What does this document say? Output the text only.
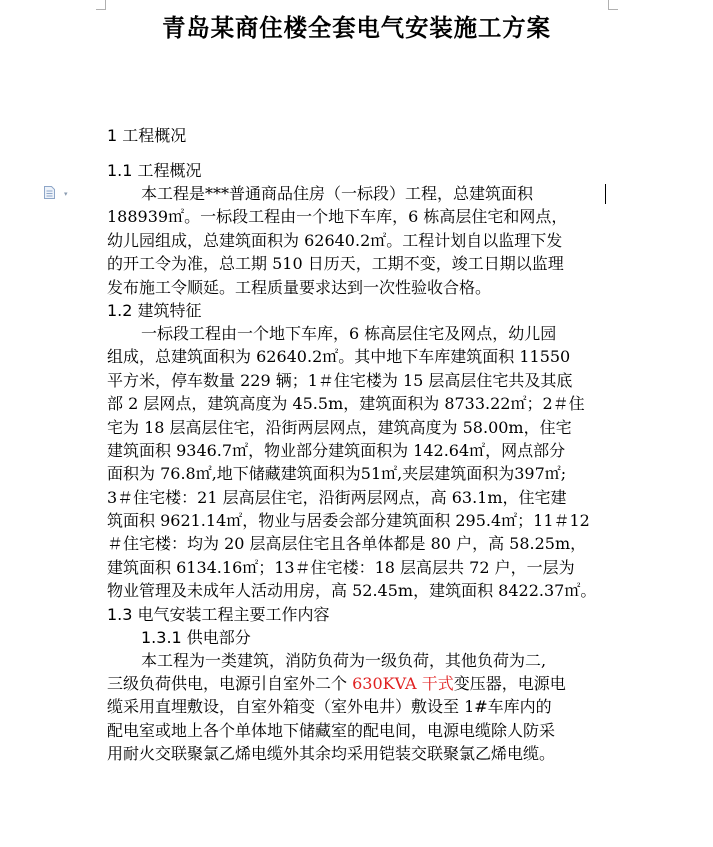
青岛某商住楼全套电气安装施工方案
▾
1 工程概况
1.1 工程概况
本工程是***普通商品住房（一标段）工程，总建筑面积
188939㎡。一标段工程由一个地下车库，6 栋高层住宅和网点，
幼儿园组成，总建筑面积为 62640.2㎡。工程计划自以监理下发
的开工令为准，总工期 510 日历天，工期不变，竣工日期以监理
发布施工令顺延。工程质量要求达到一次性验收合格。
1.2 建筑特征
一标段工程由一个地下车库，6 栋高层住宅及网点，幼儿园
组成，总建筑面积为 62640.2㎡。其中地下车库建筑面积 11550
平方米，停车数量 229 辆；1＃住宅楼为 15 层高层住宅共及其底
部 2 层网点，建筑高度为 45.5m，建筑面积为 8733.22㎡；2＃住
宅为 18 层高层住宅，沿街两层网点，建筑高度为 58.00m，住宅
建筑面积 9346.7㎡，物业部分建筑面积为 142.64㎡，网点部分
面积为 76.8㎡,地下储藏建筑面积为51㎡,夹层建筑面积为397㎡;
3＃住宅楼：21 层高层住宅，沿街两层网点，高 63.1m，住宅建
筑面积 9621.14㎡，物业与居委会部分建筑面积 295.4㎡；11＃12
＃住宅楼：均为 20 层高层住宅且各单体都是 80 户，高 58.25m，
建筑面积 6134.16㎡；13＃住宅楼：18 层高层共 72 户，一层为
物业管理及未成年人活动用房，高 52.45m，建筑面积 8422.37㎡。
1.3 电气安装工程主要工作内容
1.3.1 供电部分
本工程为一类建筑，消防负荷为一级负荷，其他负荷为二,
三级负荷供电，电源引自室外二个 630KVA 干式变压器，电源电
缆采用直埋敷设，自室外箱变（室外电井）敷设至 1#车库内的
配电室或地上各个单体地下储藏室的配电间，电源电缆除人防采
用耐火交联聚氯乙烯电缆外其余均采用铠装交联聚氯乙烯电缆。
